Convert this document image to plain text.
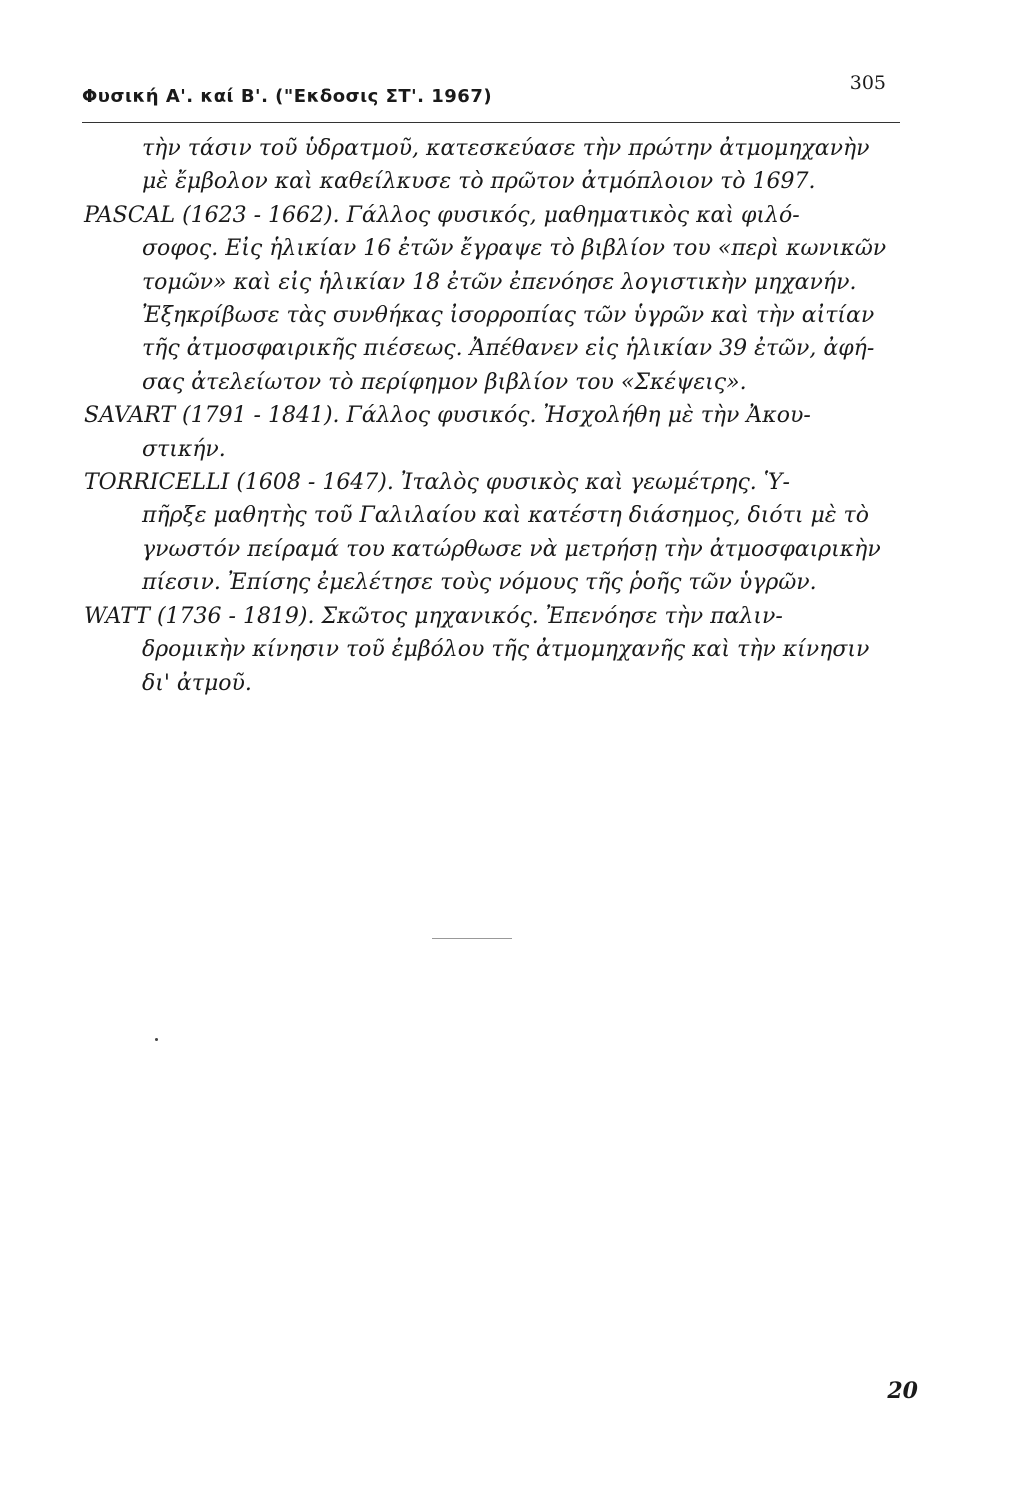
Φυσική Α'. καί Β'. ("Εκδοσις ΣΤ'. 1967)
305
τὴν τάσιν τοῦ ὑδρατμοῦ, κατεσκεύασε τὴν πρώτην ἀτμομηχανὴν
μὲ ἔμβολον καὶ καθείλκυσε τὸ πρῶτον ἀτμόπλοιον τὸ 1697.
PASCAL (1623 - 1662). Γάλλος φυσικός, μαθηματικὸς καὶ φιλό-
σοφος. Εἰς ἡλικίαν 16 ἐτῶν ἔγραψε τὸ βιβλίον του «περὶ κωνικῶν
τομῶν» καὶ εἰς ἡλικίαν 18 ἐτῶν ἐπενόησε λογιστικὴν μηχανήν.
Ἐξηκρίβωσε τὰς συνθήκας ἰσορροπίας τῶν ὑγρῶν καὶ τὴν αἰτίαν
τῆς ἀτμοσφαιρικῆς πιέσεως. Ἀπέθανεν εἰς ἡλικίαν 39 ἐτῶν, ἀφή-
σας ἀτελείωτον τὸ περίφημον βιβλίον του «Σκέψεις».
SAVART (1791 - 1841). Γάλλος φυσικός. Ἠσχολήθη μὲ τὴν Ἀκου-
στικήν.
TORRICELLI (1608 - 1647). Ἰταλὸς φυσικὸς καὶ γεωμέτρης. Ὑ-
πῆρξε μαθητὴς τοῦ Γαλιλαίου καὶ κατέστη διάσημος, διότι μὲ τὸ
γνωστόν πείραμά του κατώρθωσε νὰ μετρήσῃ τὴν ἀτμοσφαιρικὴν
πίεσιν. Ἐπίσης ἐμελέτησε τοὺς νόμους τῆς ῥοῆς τῶν ὑγρῶν.
WATT (1736 - 1819). Σκῶτος μηχανικός. Ἐπενόησε τὴν παλιν-
δρομικὴν κίνησιν τοῦ ἐμβόλου τῆς ἀτμομηχανῆς καὶ τὴν κίνησιν
δι' ἀτμοῦ.
20
